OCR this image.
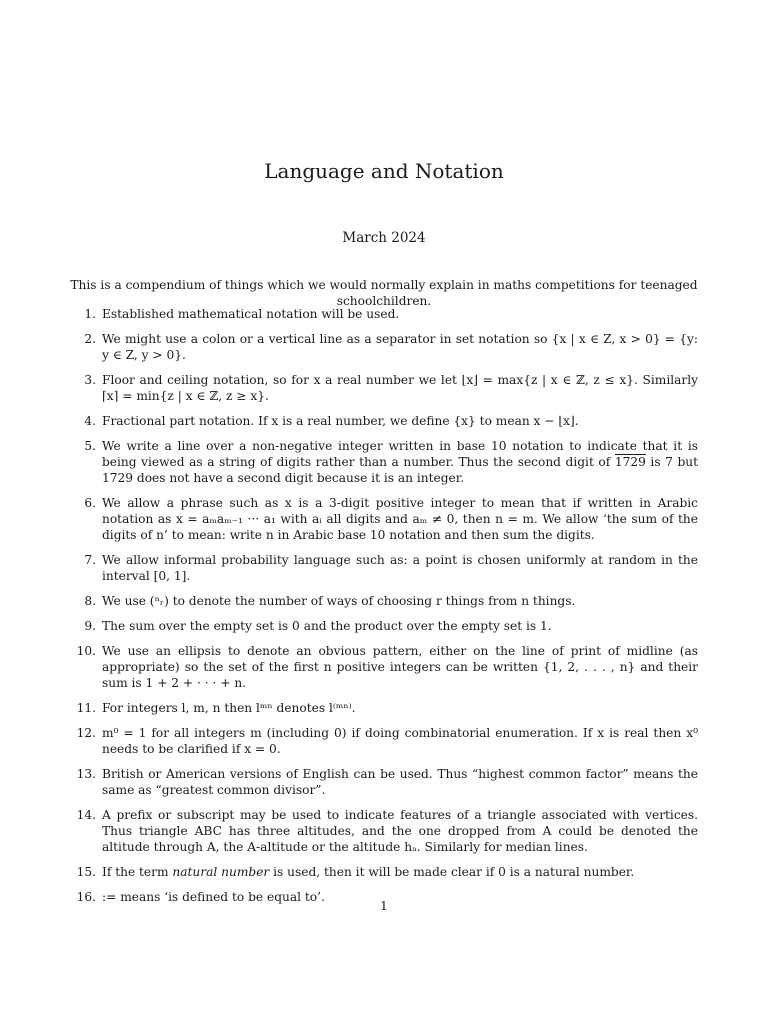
Language and Notation
March 2024
This is a compendium of things which we would normally explain in maths competitions for teenaged schoolchildren.
1. Established mathematical notation will be used.
2. We might use a colon or a vertical line as a separator in set notation so {x | x ∈ Z, x > 0} = {y: y ∈ Z, y > 0}.
3. Floor and ceiling notation, so for x a real number we let ⌊x⌋ = max{z | x ∈ ℤ, z ≤ x}. Similarly ⌈x⌉ = min{z | x ∈ ℤ, z ≥ x}.
4. Fractional part notation. If x is a real number, we define {x} to mean x − ⌊x⌋.
5. We write a line over a non-negative integer written in base 10 notation to indicate that it is being viewed as a string of digits rather than a number. Thus the second digit of 1729 is 7 but 1729 does not have a second digit because it is an integer.
6. We allow a phrase such as x is a 3-digit positive integer to mean that if written in Arabic notation as x = aₘaₘ₋₁ ··· a₁ with aᵢ all digits and aₘ ≠ 0, then n = m. We allow ‘the sum of the digits of n’ to mean: write n in Arabic base 10 notation and then sum the digits.
7. We allow informal probability language such as: a point is chosen uniformly at random in the interval [0, 1].
8. We use (ⁿᵣ) to denote the number of ways of choosing r things from n things.
9. The sum over the empty set is 0 and the product over the empty set is 1.
10. We use an ellipsis to denote an obvious pattern, either on the line of print of midline (as appropriate) so the set of the first n positive integers can be written {1, 2, . . . , n} and their sum is 1 + 2 + · · · + n.
11. For integers l, m, n then lᵐⁿ denotes l⁽ᵐⁿ⁾.
12. m⁰ = 1 for all integers m (including 0) if doing combinatorial enumeration. If x is real then x⁰ needs to be clarified if x = 0.
13. British or American versions of English can be used. Thus “highest common factor” means the same as “greatest common divisor”.
14. A prefix or subscript may be used to indicate features of a triangle associated with vertices. Thus triangle ABC has three altitudes, and the one dropped from A could be denoted the altitude through A, the A-altitude or the altitude hₐ. Similarly for median lines.
15. If the term natural number is used, then it will be made clear if 0 is a natural number.
16. := means ‘is defined to be equal to’.
1
